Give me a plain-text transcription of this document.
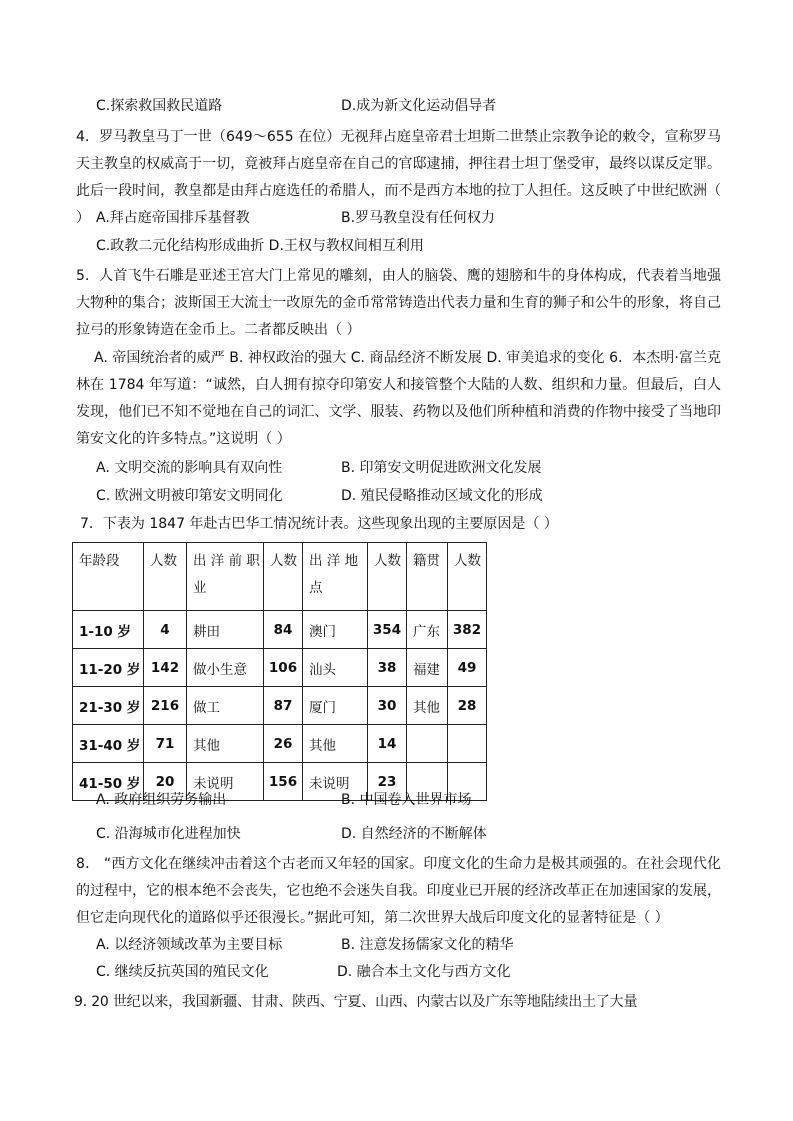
C.探索救国救民道路	D.成为新文化运动倡导者
4．罗马教皇马丁一世（649～655 在位）无视拜占庭皇帝君士坦斯二世禁止宗教争论的敕令，宣称罗马天主教皇的权威高于一切，竟被拜占庭皇帝在自己的官邸逮捕，押往君士坦丁堡受审，最终以谋反定罪。此后一段时间，教皇都是由拜占庭选任的希腊人，而不是西方本地的拉丁人担任。这反映了中世纪欧洲（ ） A.拜占庭帝国排斥基督教	B.罗马教皇没有任何权力
C.政教二元化结构形成曲折 D.王权与教权间相互利用
5．人首飞牛石雕是亚述王宫大门上常见的雕刻，由人的脑袋、鹰的翅膀和牛的身体构成，代表着当地强大物种的集合；波斯国王大流士一改原先的金币常常铸造出代表力量和生育的狮子和公牛的形象，将自己拉弓的形象铸造在金币上。二者都反映出（ ）
A. 帝国统治者的威严 B. 神权政治的强大 C. 商品经济不断发展 D. 审美追求的变化 6．本杰明·富兰克林在 1784 年写道：“诚然，白人拥有掠夺印第安人和接管整个大陆的人数、组织和力量。但最后，白人发现，他们已不知不觉地在自己的词汇、文学、服装、药物以及他们所种植和消费的作物中接受了当地印第安文化的许多特点。”这说明（ ）
A. 文明交流的影响具有双向性	B. 印第安文明促进欧洲文化发展
C. 欧洲文明被印第安文明同化	D. 殖民侵略推动区域文化的形成
7．下表为 1847 年赴古巴华工情况统计表。这些现象出现的主要原因是（ ）
年龄段	人数	出 洋 前 职业	人数	出 洋 地点	人数	籍贯	人数
1-10 岁	4	耕田	84	澳门	354	广东	382
11-20 岁	142	做小生意	106	汕头	38	福建	49
21-30 岁	216	做工	87	厦门	30	其他	28
31-40 岁	71	其他	26	其他	14		
41-50 岁	20	未说明	156	未说明	23		
A. 政府组织劳务输出	B. 中国卷入世界市场
C. 沿海城市化进程加快	D. 自然经济的不断解体
8． “西方文化在继续冲击着这个古老而又年轻的国家。印度文化的生命力是极其顽强的。在社会现代化的过程中，它的根本绝不会丧失，它也绝不会迷失自我。印度业已开展的经济改革正在加速国家的发展，但它走向现代化的道路似乎还很漫长。”据此可知，第二次世界大战后印度文化的显著特征是（ ）
A. 以经济领域改革为主要目标	B. 注意发扬儒家文化的精华
C. 继续反抗英国的殖民文化	D. 融合本土文化与西方文化
9. 20 世纪以来，我国新疆、甘肃、陕西、宁夏、山西、内蒙古以及广东等地陆续出土了大量
